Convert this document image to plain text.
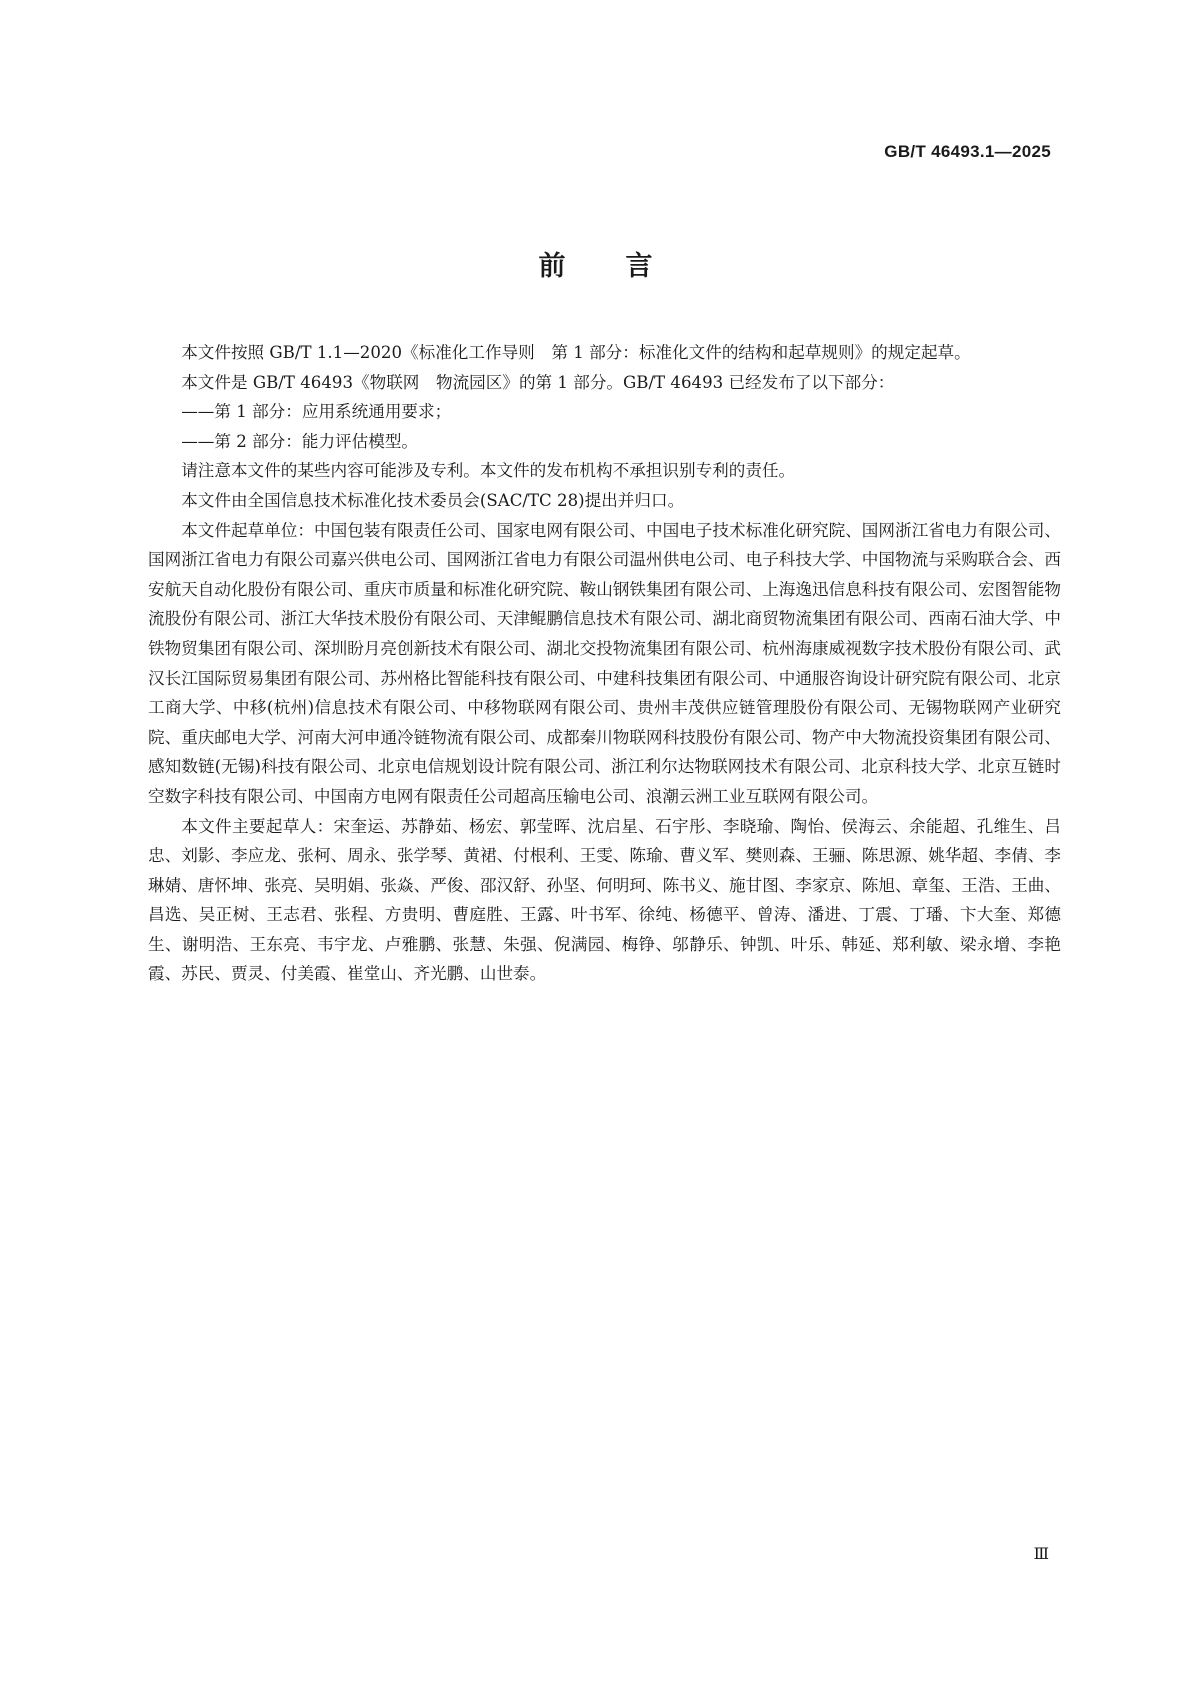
GB/T 46493.1—2025
前言

本文件按照 GB/T 1.1—2020《标准化工作导则　第 1 部分：标准化文件的结构和起草规则》的规定起草。

本文件是 GB/T 46493《物联网　物流园区》的第 1 部分。GB/T 46493 已经发布了以下部分：

——第 1 部分：应用系统通用要求；

——第 2 部分：能力评估模型。

请注意本文件的某些内容可能涉及专利。本文件的发布机构不承担识别专利的责任。

本文件由全国信息技术标准化技术委员会(SAC/TC 28)提出并归口。

本文件起草单位：中国包装有限责任公司、国家电网有限公司、中国电子技术标准化研究院、国网浙江省电力有限公司、国网浙江省电力有限公司嘉兴供电公司、国网浙江省电力有限公司温州供电公司、电子科技大学、中国物流与采购联合会、西安航天自动化股份有限公司、重庆市质量和标准化研究院、鞍山钢铁集团有限公司、上海逸迅信息科技有限公司、宏图智能物流股份有限公司、浙江大华技术股份有限公司、天津鲲鹏信息技术有限公司、湖北商贸物流集团有限公司、西南石油大学、中铁物贸集团有限公司、深圳盼月亮创新技术有限公司、湖北交投物流集团有限公司、杭州海康威视数字技术股份有限公司、武汉长江国际贸易集团有限公司、苏州格比智能科技有限公司、中建科技集团有限公司、中通服咨询设计研究院有限公司、北京工商大学、中移(杭州)信息技术有限公司、中移物联网有限公司、贵州丰茂供应链管理股份有限公司、无锡物联网产业研究院、重庆邮电大学、河南大河申通冷链物流有限公司、成都秦川物联网科技股份有限公司、物产中大物流投资集团有限公司、感知数链(无锡)科技有限公司、北京电信规划设计院有限公司、浙江利尔达物联网技术有限公司、北京科技大学、北京互链时空数字科技有限公司、中国南方电网有限责任公司超高压输电公司、浪潮云洲工业互联网有限公司。

本文件主要起草人：宋奎运、苏静茹、杨宏、郭莹晖、沈启星、石宇彤、李晓瑜、陶怡、侯海云、余能超、孔维生、吕忠、刘影、李应龙、张柯、周永、张学琴、黄裙、付根利、王雯、陈瑜、曹义军、樊则森、王骊、陈思源、姚华超、李倩、李琳婧、唐怀坤、张亮、吴明娟、张焱、严俊、邵汉舒、孙坚、何明珂、陈书义、施甘图、李家京、陈旭、章玺、王浩、王曲、昌选、吴正树、王志君、张程、方贵明、曹庭胜、王露、叶书军、徐纯、杨德平、曾涛、潘进、丁震、丁璠、卞大奎、郑德生、谢明浩、王东亮、韦宇龙、卢雅鹏、张慧、朱强、倪满园、梅铮、邬静乐、钟凯、叶乐、韩延、郑利敏、梁永增、李艳霞、苏民、贾灵、付美霞、崔堂山、齐光鹏、山世泰。

Ⅲ
